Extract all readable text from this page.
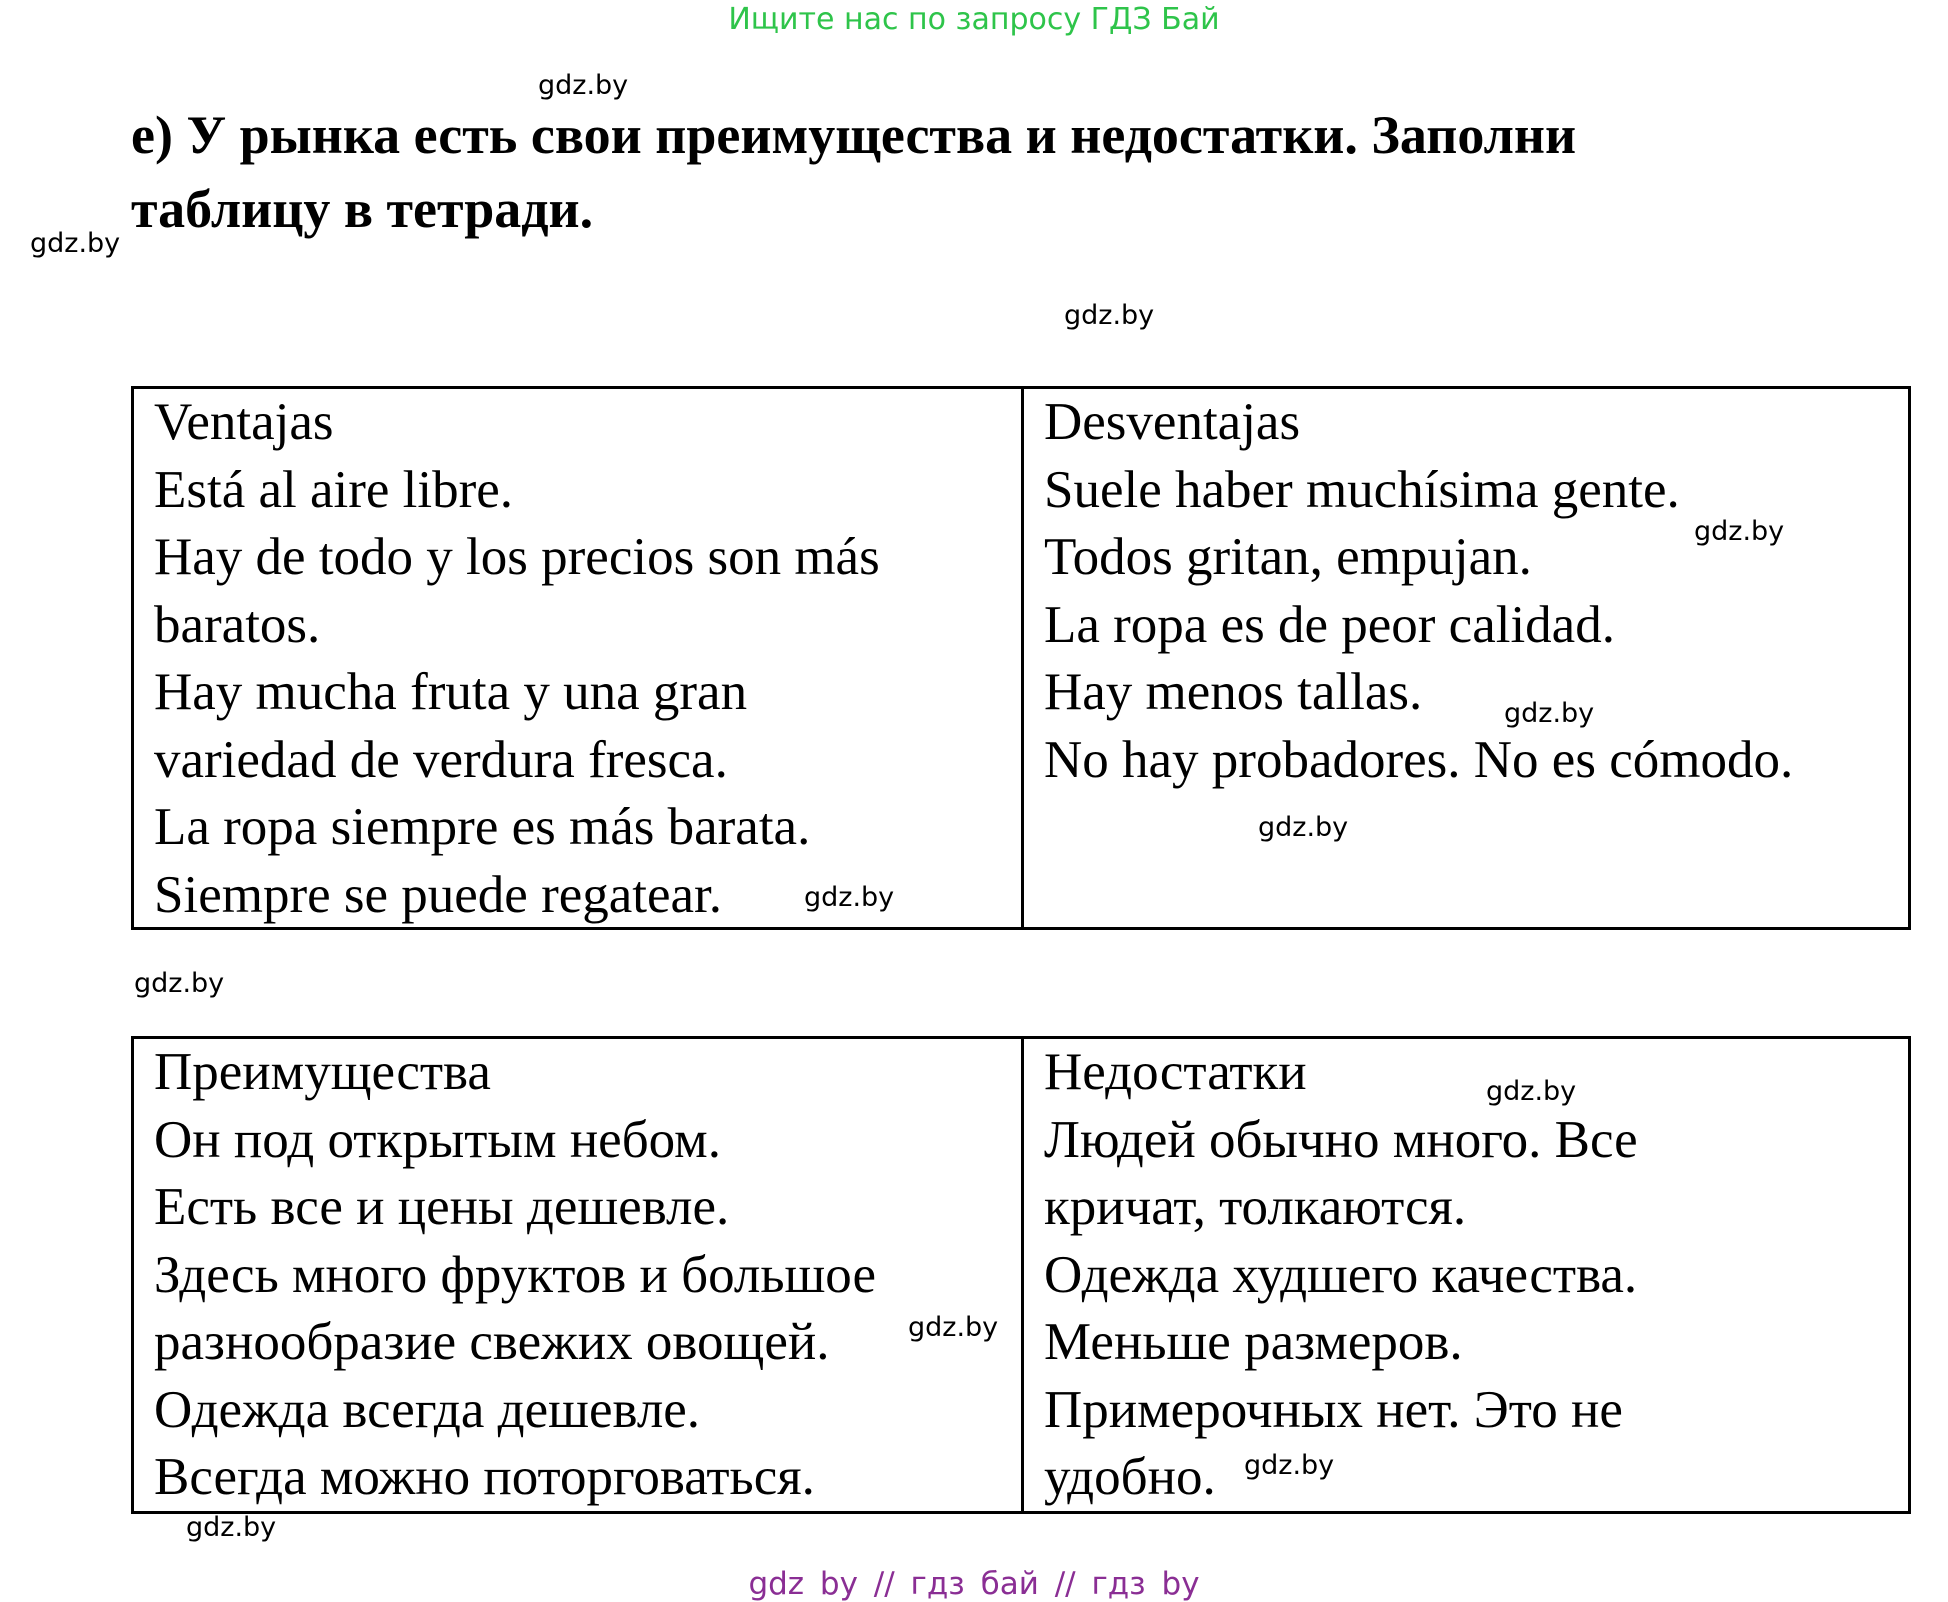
Ищите нас по запросу ГДЗ Бай
е) У рынка есть свои преимущества и недостатки. Заполни
таблицу в тетради.
gdz.by
gdz.by
gdz.by

Ventajas

Está al aire libre.

Hay de todo y los precios son más

baratos.

Hay mucha fruta y una gran

variedad de verdura fresca.

La ropa siempre es más barata.

Siempre se puede regatear.

Desventajas

Suele haber muchísima gente.

Todos gritan, empujan.

La ropa es de peor calidad.

Hay menos tallas.

No hay probadores. No es cómodo.

gdz.by
gdz.by
gdz.by
gdz.by
gdz.by

Преимущества

Он под открытым небом.

Есть все и цены дешевле.

Здесь много фруктов и большое

разнообразие свежих овощей.

Одежда всегда дешевле.

Всегда можно поторговаться.

Недостатки

Людей обычно много. Все

кричат, толкаются.

Одежда худшего качества.

Меньше размеров.

Примерочных нет. Это не

удобно.

gdz.by
gdz.by
gdz.by
gdz.by
gdz by // гдз бай // гдз by
